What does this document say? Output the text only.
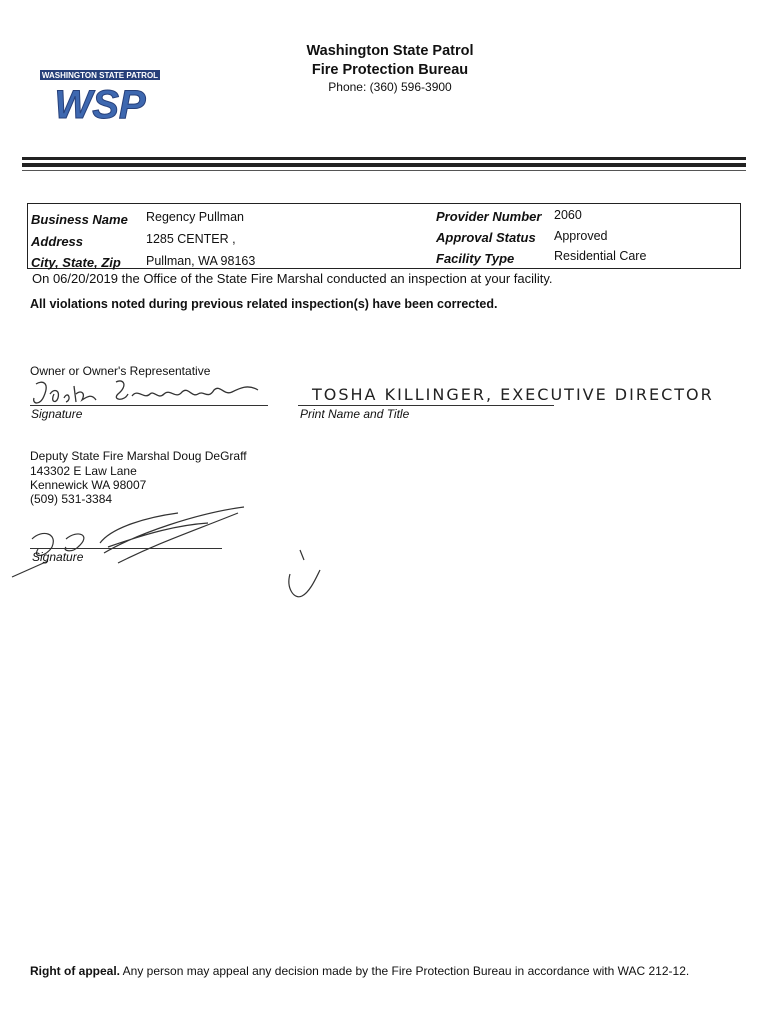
WASHINGTON STATE PATROL
WSP
Washington State Patrol
Fire Protection Bureau
Phone: (360) 596-3900
Business Name Regency Pullman
Address	1285 CENTER ,
City, State, Zip Pullman, WA 98163
Provider Number 2060
Approval Status Approved
Facility Type	Residential Care
On 06/20/2019 the Office of the State Fire Marshal conducted an inspection at your facility.
All violations noted during previous related inspection(s) have been corrected.
Owner or Owner's Representative
Signature
TOSHA KILLINGER, EXECUTIVE DIRECTOR
Print Name and Title
Deputy State Fire Marshal Doug DeGraff
143302 E Law Lane
Kennewick WA 98007
(509) 531-3384
Signature
Right of appeal. Any person may appeal any decision made by the Fire Protection Bureau in accordance with WAC 212-12.
